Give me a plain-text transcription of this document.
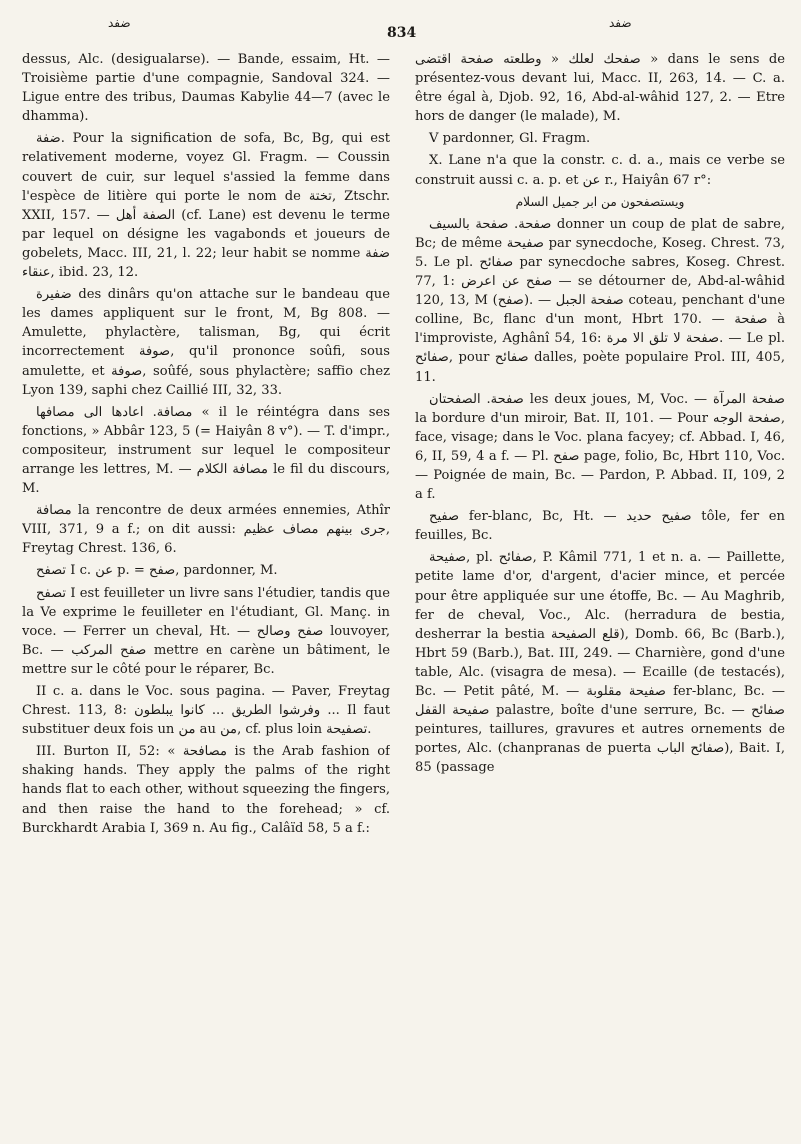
ضفد
834
ضفد

dessus, Alc. (desigualarse). — Bande, essaim, Ht. — Troisième partie d'une compagnie, Sandoval 324. — Ligue entre des tribus, Daumas Kabylie 44—7 (avec le dhamma).

ضفة. Pour la signification de sofa, Bc, Bg, qui est relativement moderne, voyez Gl. Fragm. — Coussin couvert de cuir, sur lequel s'assied la femme dans l'espèce de litière qui porte le nom de تختة, Ztschr. XXII, 157. — الصفة أهل (cf. Lane) est devenu le terme par lequel on désigne les vagabonds et joueurs de gobelets, Macc. III, 21, l. 22; leur habit se nomme ضفة عنقاء, ibid. 23, 12.

ضفيرة des dinârs qu'on attache sur le bandeau que les dames appliquent sur le front, M, Bg 808. — Amulette, phylactère, talisman, Bg, qui écrit incorrectement صوفة, qu'il prononce soûfi, sous amulette, et صوفة, soûfé, sous phylactère; saffio chez Lyon 139, saphi chez Caillié III, 32, 33.

مصافة. اعادها الى مصافها « il le réintégra dans ses fonctions, » Abbâr 123, 5 (= Haiyân 8 v°). — T. d'impr., compositeur, instrument sur lequel le compositeur arrange les lettres, M. — مصافة الكلام le fil du discours, M.

مصافة la rencontre de deux armées ennemies, Athîr VIII, 371, 9 a f.; on dit aussi: جرى بينهم مصاف عظيم, Freytag Chrest. 136, 6.

تصفح I c. عن p. = صفح, pardonner, M.

تصفح I est feuilleter un livre sans l'étudier, tandis que la Ve exprime le feuilleter en l'étudiant, Gl. Manç. in voce. — Ferrer un cheval, Ht. — صفح وصالح louvoyer, Bc. — صفح المركب mettre en carène un bâtiment, le mettre sur le côté pour le réparer, Bc.

II c. a. dans le Voc. sous pagina. — Paver, Freytag Chrest. 113, 8: وفرشوا الطريق ... كانوا يبلطون ... Il faut substituer deux fois un من au من, cf. plus loin تصفيحة.

III. Burton II, 52: « مصافحة is the Arab fashion of shaking hands. They apply the palms of the right hands flat to each other, without squeezing the fingers, and then raise the hand to the forehead; » cf. Burckhardt Arabia I, 369 n. Au fig., Calâïd 58, 5 a f.:

صفحك لعلك « وطلعته صفحة اقتضى » dans le sens de présentez-vous devant lui, Macc. II, 263, 14. — C. a. être égal à, Djob. 92, 16, Abd-al-wâhid 127, 2. — Etre hors de danger (le malade), M.

V pardonner, Gl. Fragm.

X. Lane n'a que la constr. c. d. a., mais ce verbe se construit aussi c. a. p. et عن r., Haiyân 67 r°:

ويستصفحون من ابر جميل السلام

صفحة. صفحة بالسيف donner un coup de plat de sabre, Bc; de même صفيحة par synecdoche, Koseg. Chrest. 73, 5. Le pl. صفائح par synecdoche sabres, Koseg. Chrest. 77, 1: صفح عن اعرض — se détourner de, Abd-al-wâhid 120, 13, M (صفح). — صفحة الجبل coteau, penchant d'une colline, Bc, flanc d'un mont, Hbrt 170. — صفحة à l'improviste, Aghânî 54, 16: صفحة لا تلق الا مرة. — Le pl. صفائح, pour صفائح dalles, poète populaire Prol. III, 405, 11.

صفحة. الصفحتان les deux joues, M, Voc. — صفحة المرآة la bordure d'un miroir, Bat. II, 101. — Pour صفحة الوجه, face, visage; dans le Voc. plana facyey; cf. Abbad. I, 46, 6, II, 59, 4 a f. — Pl. صفح page, folio, Bc, Hbrt 110, Voc. — Poignée de main, Bc. — Pardon, P. Abbad. II, 109, 2 a f.

صفيح fer-blanc, Bc, Ht. — صفيح حديد tôle, fer en feuilles, Bc.

صفيحة, pl. صفائح, P. Kâmil 771, 1 et n. a. — Paillette, petite lame d'or, d'argent, d'acier mince, et percée pour être appliquée sur une étoffe, Bc. — Au Maghrib, fer de cheval, Voc., Alc. (herradura de bestia, desherrar la bestia قلع الصفيحة), Domb. 66, Bc (Barb.), Hbrt 59 (Barb.), Bat. III, 249. — Charnière, gond d'une table, Alc. (visagra de mesa). — Ecaille (de testacés), Bc. — Petit pâté, M. — صفيحة مقلوبة fer-blanc, Bc. — صفيحة القفل palastre, boîte d'une serrure, Bc. — صفائح peintures, taillures, gravures et autres ornements de portes, Alc. (chanpranas de puerta صفائح الباب), Bait. I, 85 (passage
